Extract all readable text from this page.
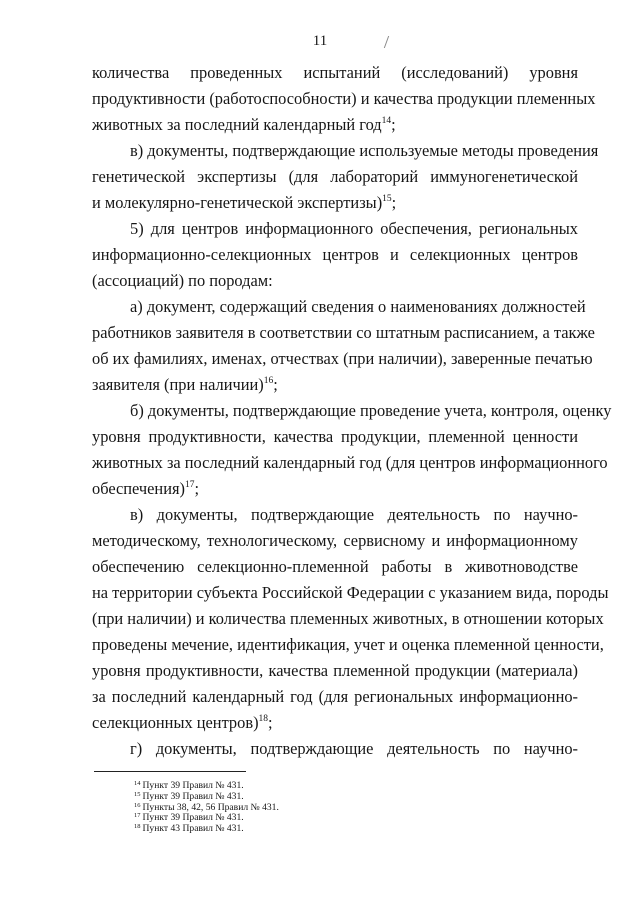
11
количества проведенных испытаний (исследований) уровня
продуктивности (работоспособности) и качества продукции племенных
животных за последний календарный год$^{14}$;
в) документы, подтверждающие используемые методы проведения
генетической экспертизы (для лабораторий иммуногенетической
и молекулярно-генетической экспертизы)$^{15}$;
5) для центров информационного обеспечения, региональных
информационно-селекционных центров и селекционных центров
(ассоциаций) по породам:
а) документ, содержащий сведения о наименованиях должностей
работников заявителя в соответствии со штатным расписанием, а также
об их фамилиях, именах, отчествах (при наличии), заверенные печатью
заявителя (при наличии)$^{16}$;
б) документы, подтверждающие проведение учета, контроля, оценку
уровня продуктивности, качества продукции, племенной ценности
животных за последний календарный год (для центров информационного
обеспечения)$^{17}$;
в) документы, подтверждающие деятельность по научно-
методическому, технологическому, сервисному и информационному
обеспечению селекционно-племенной работы в животноводстве
на территории субъекта Российской Федерации с указанием вида, породы
(при наличии) и количества племенных животных, в отношении которых
проведены мечение, идентификация, учет и оценка племенной ценности,
уровня продуктивности, качества племенной продукции (материала)
за последний календарный год (для региональных информационно-
селекционных центров)$^{18}$;
г) документы, подтверждающие деятельность по научно-
$^{14}$ Пункт 39 Правил № 431.
$^{15}$ Пункт 39 Правил № 431.
$^{16}$ Пункты 38, 42, 56 Правил № 431.
$^{17}$ Пункт 39 Правил № 431.
$^{18}$ Пункт 43 Правил № 431.
